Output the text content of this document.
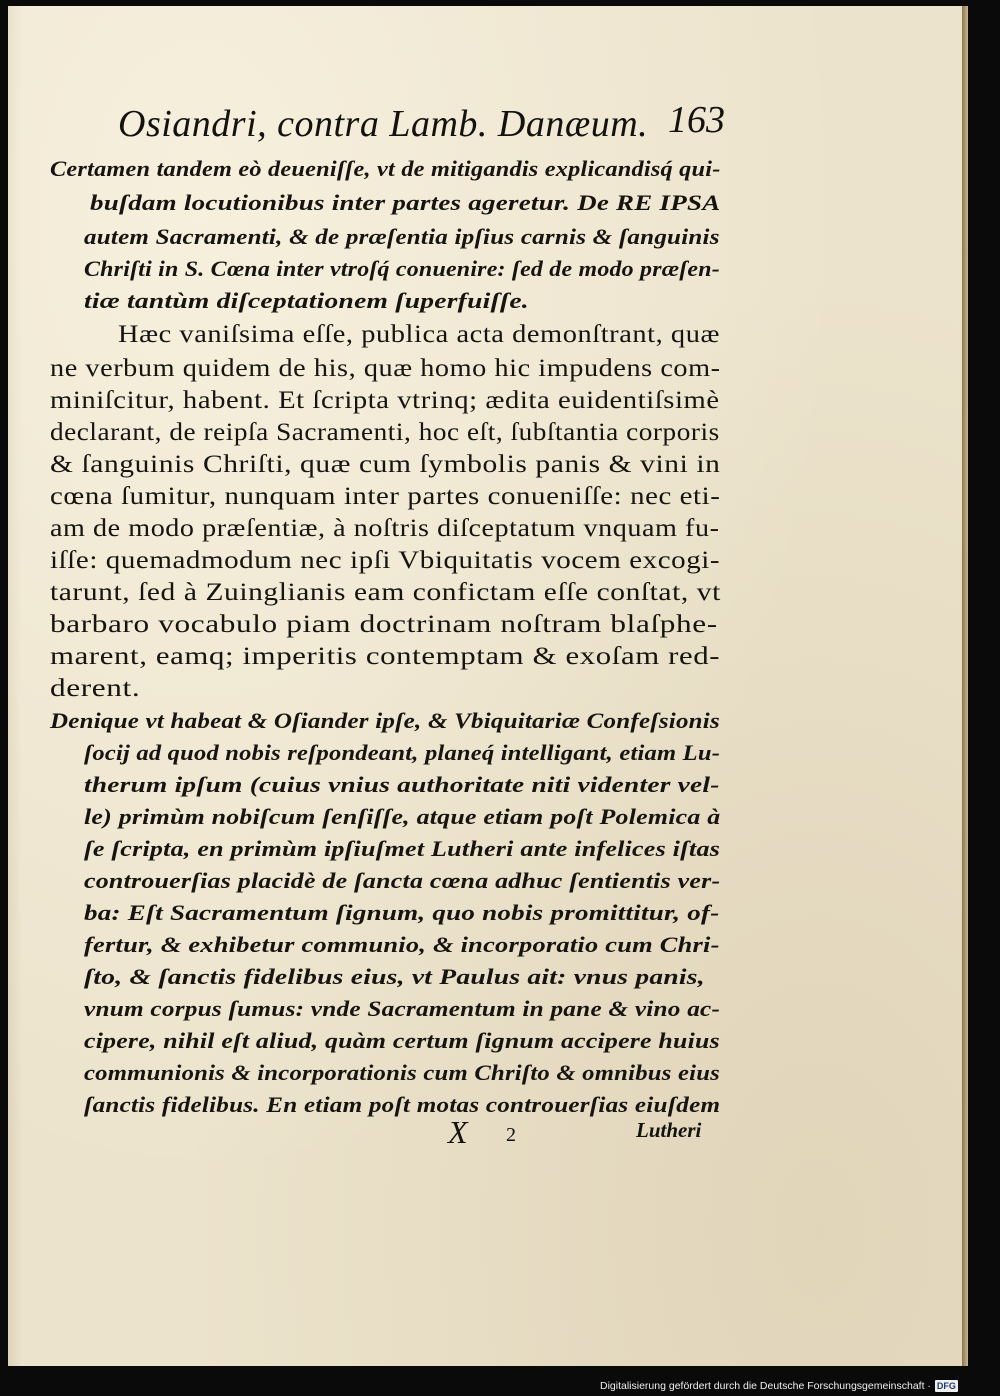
Osiandri, contra Lamb. Danæum. 163
Certamen tandem eò deueniſſe, vt de mitigandis explicandisq́ qui-
buſdam locutionibus inter partes ageretur. De RE IPSA
autem Sacramenti, & de præſentia ipſius carnis & ſanguinis
Chriſti in S. Cœna inter vtroſq́ conuenire: ſed de modo præſen-
tiæ tantùm diſceptationem ſuperfuiſſe.
Hæc vaniſsima eſſe, publica acta demonſtrant, quæ
ne verbum quidem de his, quæ homo hic impudens com-
miniſcitur, habent. Et ſcripta vtrinq; ædita euidentiſsimè
declarant, de reipſa Sacramenti, hoc eſt, ſubſtantia corporis
& ſanguinis Chriſti, quæ cum ſymbolis panis & vini in
cœna ſumitur, nunquam inter partes conueniſſe: nec eti-
am de modo præſentiæ, à noſtris diſceptatum vnquam fu-
iſſe: quemadmodum nec ipſi Vbiquitatis vocem excogi-
tarunt, ſed à Zuinglianis eam confictam eſſe conſtat, vt
barbaro vocabulo piam doctrinam noſtram blaſphe-
marent, eamq; imperitis contemptam & exoſam red-
derent.
Denique vt habeat & Oſiander ipſe, & Vbiquitariæ Confeſsionis
ſocij ad quod nobis reſpondeant, planeq́ intelligant, etiam Lu-
therum ipſum (cuius vnius authoritate niti videnter vel-
le) primùm nobiſcum ſenſiſſe, atque etiam poſt Polemica à
ſe ſcripta, en primùm ipſiuſmet Lutheri ante infelices iſtas
controuerſias placidè de ſancta cœna adhuc ſentientis ver-
ba: Eſt Sacramentum ſignum, quo nobis promittitur, of-
fertur, & exhibetur communio, & incorporatio cum Chri-
ſto, & ſanctis fidelibus eius, vt Paulus ait: vnus panis,
vnum corpus ſumus: vnde Sacramentum in pane & vino ac-
cipere, nihil eſt aliud, quàm certum ſignum accipere huius
communionis & incorporationis cum Chriſto & omnibus eius
ſanctis fidelibus. En etiam poſt motas controuerſias eiuſdem
X 2	Lutheri
Digitalisierung gefördert durch die Deutsche Forschungsgemeinschaft · DFG
